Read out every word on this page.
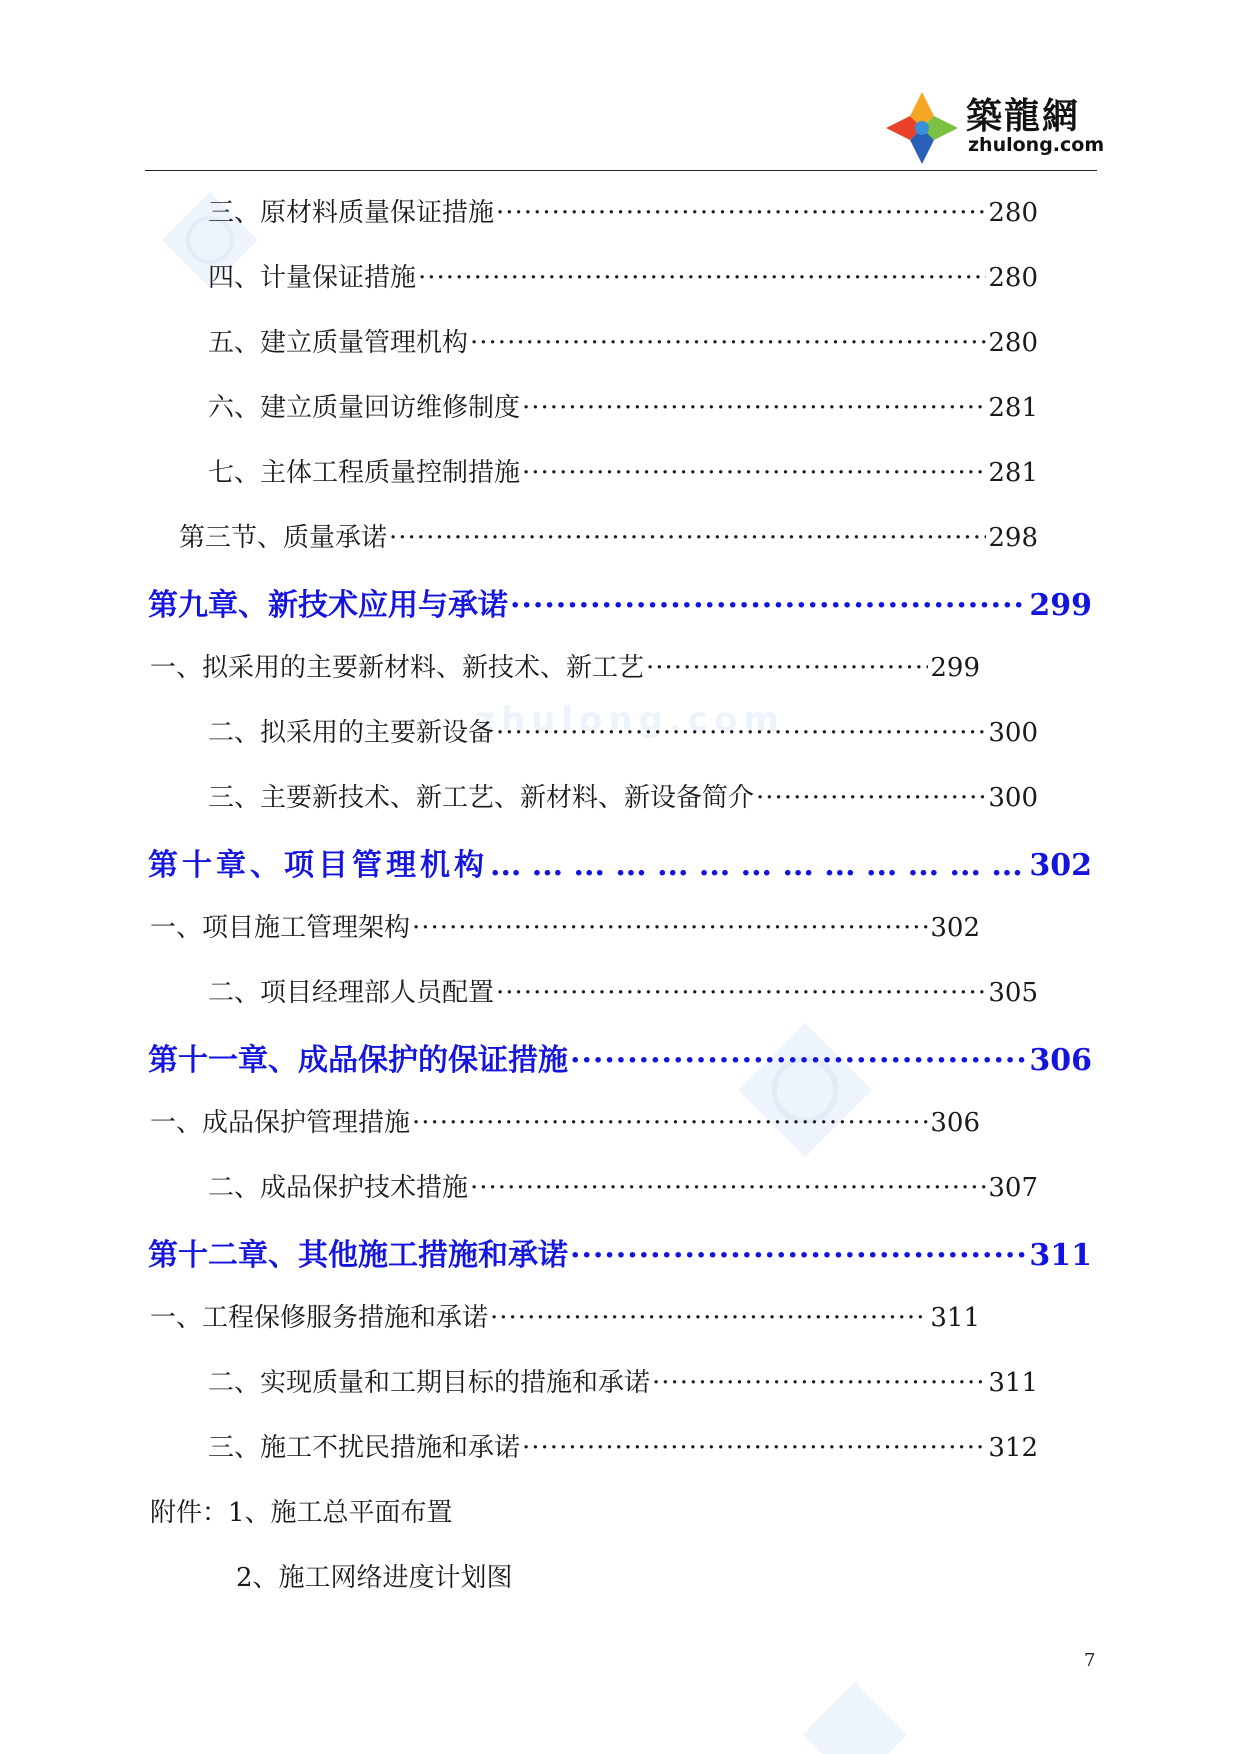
築龍網
zhulong.com
zhulong.com
三、原材料质量保证措施 ·····	280
四、计量保证措施 ·····	280
五、建立质量管理机构 ·····	280
六、建立质量回访维修制度 ·····	281
七、主体工程质量控制措施 ·····	281
第三节、质量承诺 ·····	298
第九章、新技术应用与承诺 ·····	299
一、拟采用的主要新材料、新技术、新工艺 ·····	299
二、拟采用的主要新设备 ·····	300
三、主要新技术、新工艺、新材料、新设备简介 ·····	300
第十章、项目管理机构 ... .	302
一、项目施工管理架构 ·····	302
二、项目经理部人员配置 ·····	305
第十一章、成品保护的保证措施 ·····	306
一、成品保护管理措施 ·····	306
二、成品保护技术措施 ·····	307
第十二章、其他施工措施和承诺 ·····	311
一、工程保修服务措施和承诺 ·····	311
二、实现质量和工期目标的措施和承诺 ·····	311
三、施工不扰民措施和承诺 ·····	312
附件：1、施工总平面布置
2、施工网络进度计划图
7
